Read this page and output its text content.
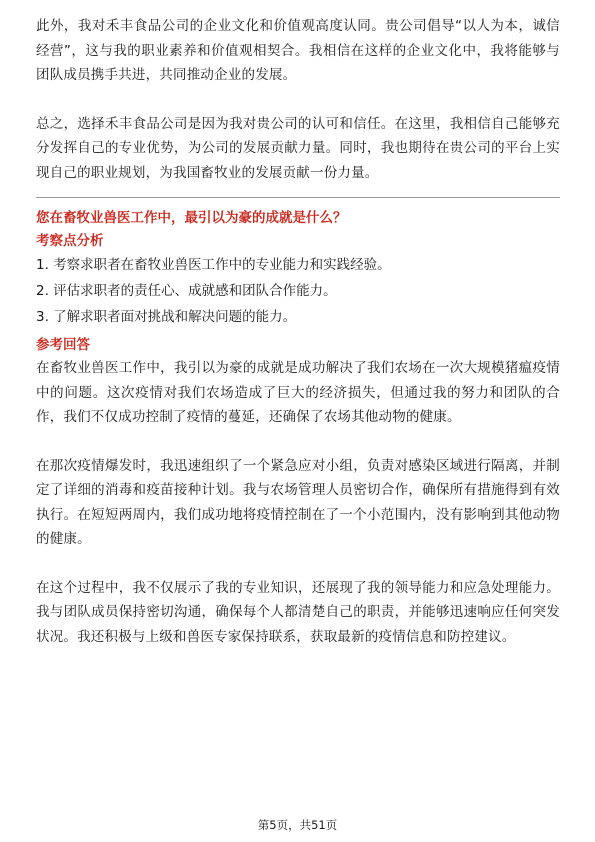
此外，我对禾丰食品公司的企业文化和价值观高度认同。贵公司倡导“以人为本，诚信经营”，这与我的职业素养和价值观相契合。我相信在这样的企业文化中，我将能够与团队成员携手共进，共同推动企业的发展。

总之，选择禾丰食品公司是因为我对贵公司的认可和信任。在这里，我相信自己能够充分发挥自己的专业优势，为公司的发展贡献力量。同时，我也期待在贵公司的平台上实现自己的职业规划，为我国畜牧业的发展贡献一份力量。

您在畜牧业兽医工作中，最引以为豪的成就是什么？

考察点分析

1. 考察求职者在畜牧业兽医工作中的专业能力和实践经验。
2. 评估求职者的责任心、成就感和团队合作能力。
3. 了解求职者面对挑战和解决问题的能力。

参考回答

在畜牧业兽医工作中，我引以为豪的成就是成功解决了我们农场在一次大规模猪瘟疫情中的问题。这次疫情对我们农场造成了巨大的经济损失，但通过我的努力和团队的合作，我们不仅成功控制了疫情的蔓延，还确保了农场其他动物的健康。

在那次疫情爆发时，我迅速组织了一个紧急应对小组，负责对感染区域进行隔离，并制定了详细的消毒和疫苗接种计划。我与农场管理人员密切合作，确保所有措施得到有效执行。在短短两周内，我们成功地将疫情控制在了一个小范围内，没有影响到其他动物的健康。

在这个过程中，我不仅展示了我的专业知识，还展现了我的领导能力和应急处理能力。我与团队成员保持密切沟通，确保每个人都清楚自己的职责，并能够迅速响应任何突发状况。我还积极与上级和兽医专家保持联系，获取最新的疫情信息和防控建议。

第5页，共51页
